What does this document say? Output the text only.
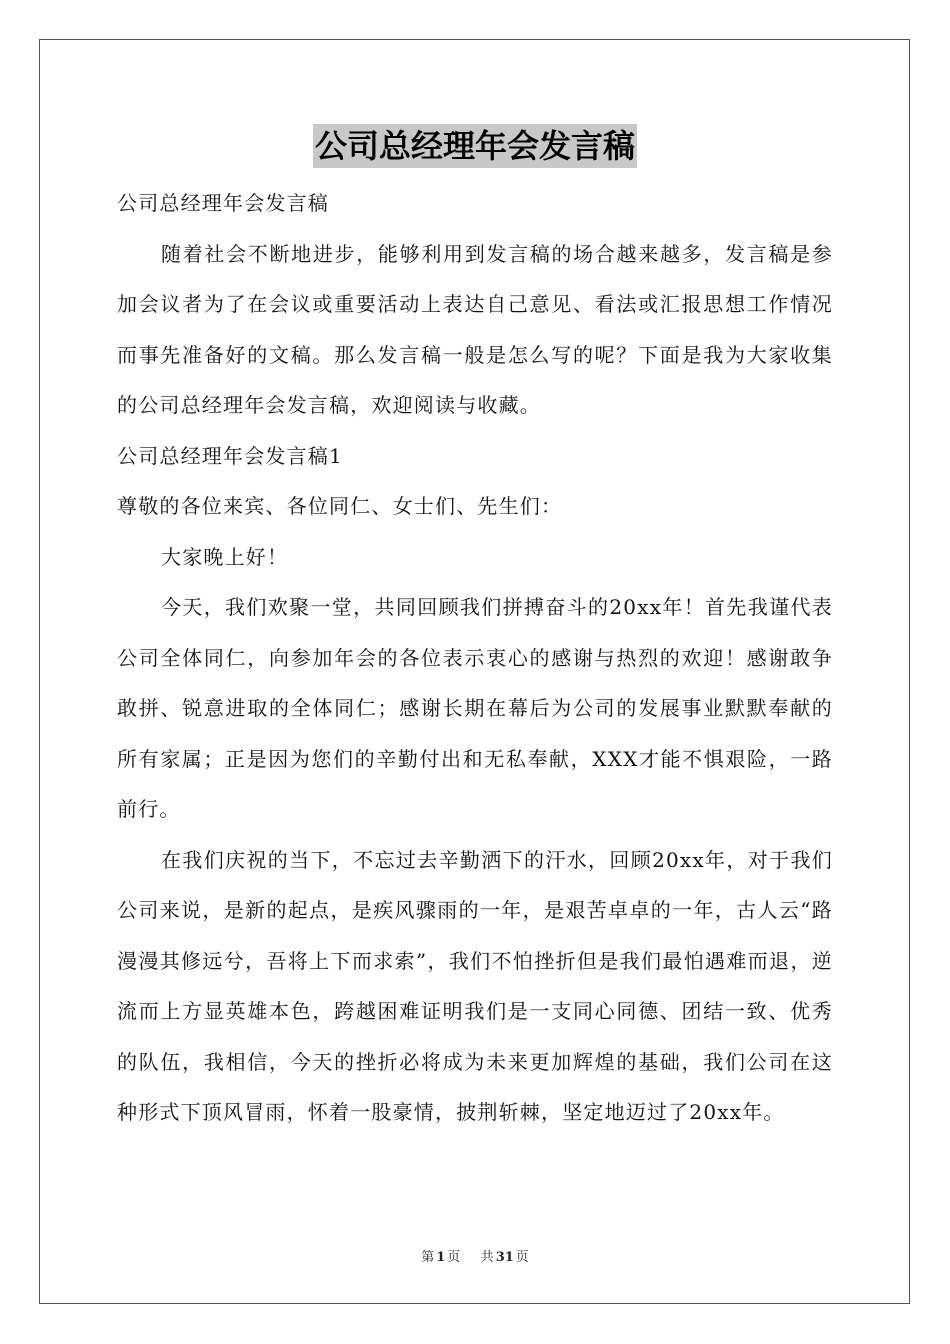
公司总经理年会发言稿

公司总经理年会发言稿

随着社会不断地进步，能够利用到发言稿的场合越来越多，发言稿是参加会议者为了在会议或重要活动上表达自己意见、看法或汇报思想工作情况而事先准备好的文稿。那么发言稿一般是怎么写的呢？下面是我为大家收集的公司总经理年会发言稿，欢迎阅读与收藏。

公司总经理年会发言稿1

尊敬的各位来宾、各位同仁、女士们、先生们：

大家晚上好！

今天，我们欢聚一堂，共同回顾我们拼搏奋斗的20xx年！首先我谨代表公司全体同仁，向参加年会的各位表示衷心的感谢与热烈的欢迎！感谢敢争敢拼、锐意进取的全体同仁；感谢长期在幕后为公司的发展事业默默奉献的所有家属；正是因为您们的辛勤付出和无私奉献，XXX才能不惧艰险，一路前行。

在我们庆祝的当下，不忘过去辛勤洒下的汗水，回顾20xx年，对于我们公司来说，是新的起点，是疾风骤雨的一年，是艰苦卓卓的一年，古人云“路漫漫其修远兮，吾将上下而求索”，我们不怕挫折但是我们最怕遇难而退，逆流而上方显英雄本色，跨越困难证明我们是一支同心同德、团结一致、优秀的队伍，我相信，今天的挫折必将成为未来更加辉煌的基础，我们公司在这种形式下顶风冒雨，怀着一股豪情，披荆斩棘，坚定地迈过了20xx年。

第 1 页 共 31 页
